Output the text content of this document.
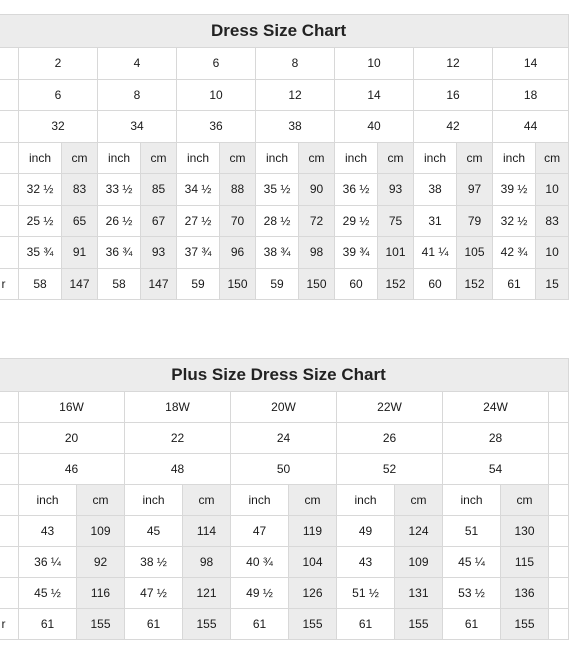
Dress Size Chart														
	2		4		6		8		10		12		14	
	6		8		10		12		14		16		18	
	32		34		36		38		40		42		44	
	inch	cm	inch	cm	inch	cm	inch	cm	inch	cm	inch	cm	inch	cm
	32 ½	83	33 ½	85	34 ½	88	35 ½	90	36 ½	93	38	97	39 ½	10
	25 ½	65	26 ½	67	27 ½	70	28 ½	72	29 ½	75	31	79	32 ½	83
	35 ¾	91	36 ¾	93	37 ¾	96	38 ¾	98	39 ¾	101	41 ¼	105	42 ¾	10
r	58	147	58	147	59	150	59	150	60	152	60	152	61	15
Plus Size Dress Size Chart											
	16W		18W		20W		22W		24W		
	20		22		24		26		28		
	46		48		50		52		54		
	inch	cm	inch	cm	inch	cm	inch	cm	inch	cm	
	43	109	45	114	47	119	49	124	51	130	
	36 ¼	92	38 ½	98	40 ¾	104	43	109	45 ¼	115	
	45 ½	116	47 ½	121	49 ½	126	51 ½	131	53 ½	136	
r	61	155	61	155	61	155	61	155	61	155	
